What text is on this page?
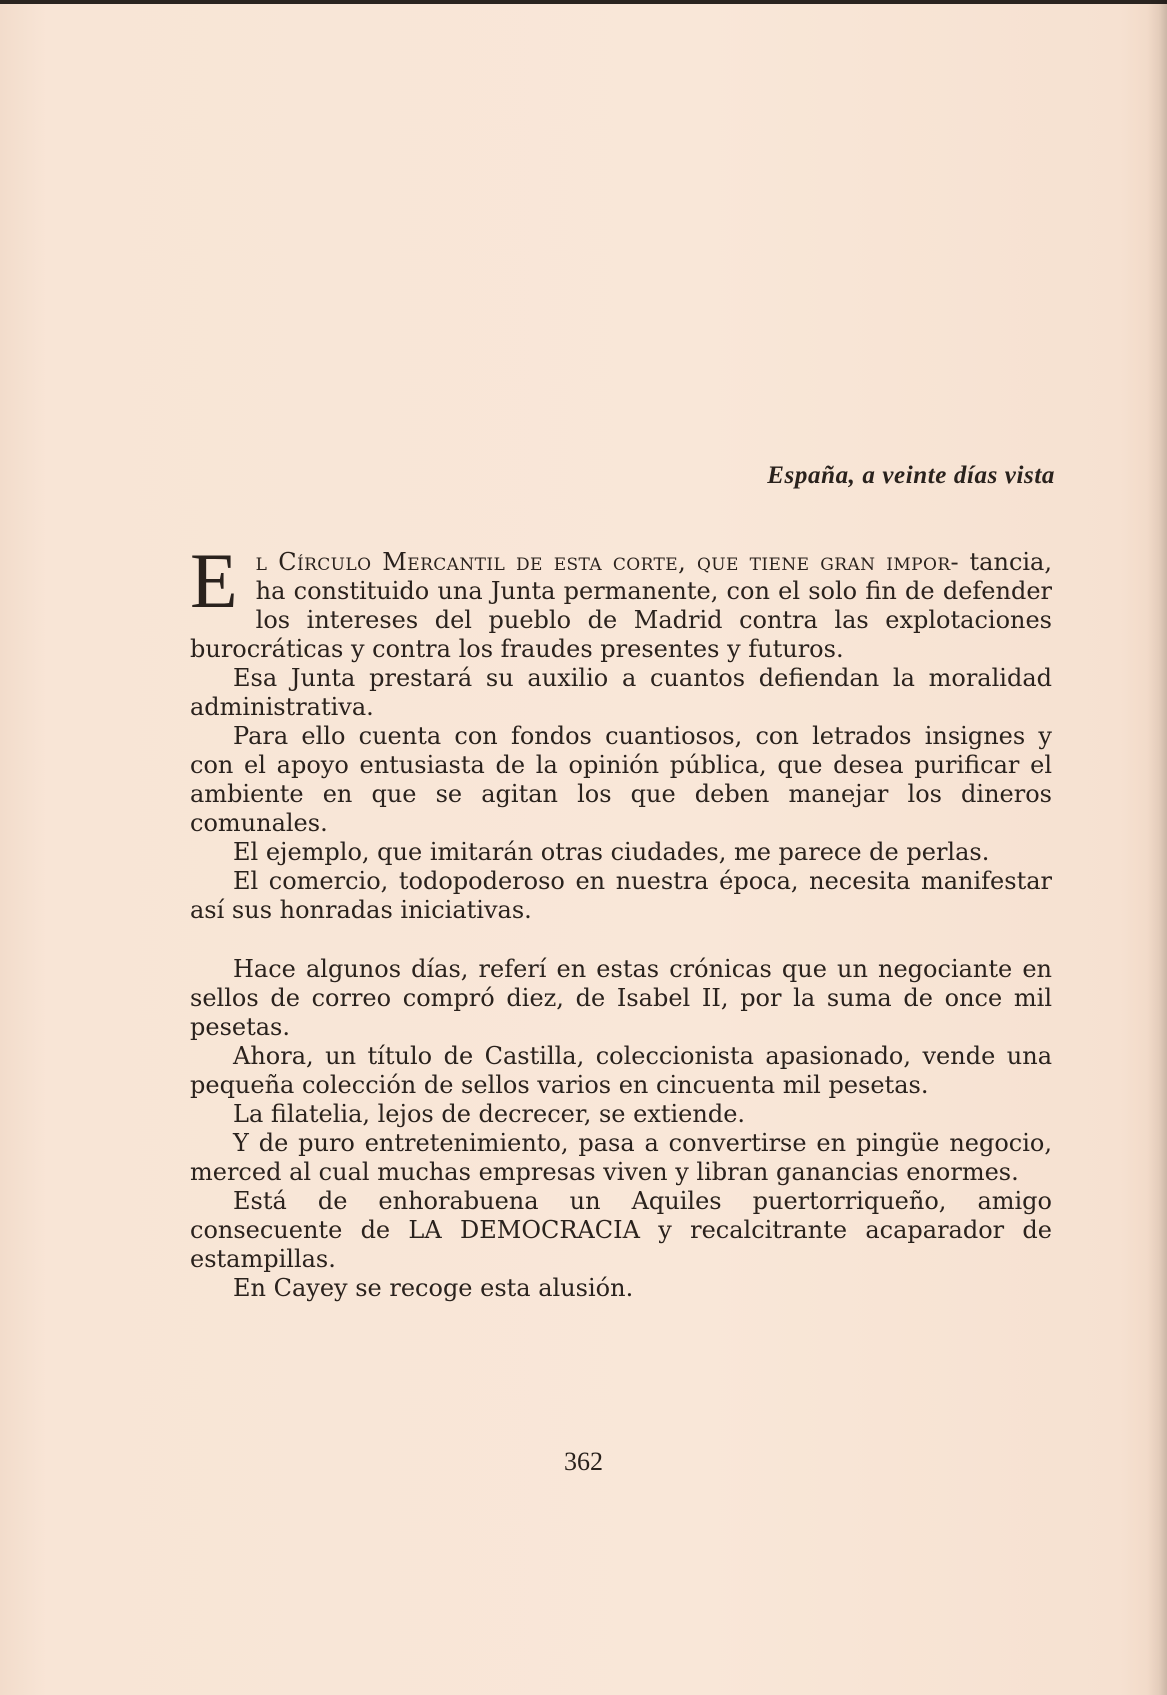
España, a veinte días vista

E l Círculo Mercantil de esta corte, que tiene gran impor- tancia, ha constituido una Junta permanente, con el solo fin de defender los intereses del pueblo de Madrid contra las explotaciones burocráticas y contra los fraudes presentes y futuros.

Esa Junta prestará su auxilio a cuantos defiendan la moralidad administrativa.

Para ello cuenta con fondos cuantiosos, con letrados insignes y con el apoyo entusiasta de la opinión pública, que desea purificar el ambiente en que se agitan los que deben manejar los dineros comunales.

El ejemplo, que imitarán otras ciudades, me parece de perlas.

El comercio, todopoderoso en nuestra época, necesita manifestar así sus honradas iniciativas.

Hace algunos días, referí en estas crónicas que un negociante en sellos de correo compró diez, de Isabel II, por la suma de once mil pesetas.

Ahora, un título de Castilla, coleccionista apasionado, vende una pequeña colección de sellos varios en cincuenta mil pesetas.

La filatelia, lejos de decrecer, se extiende.

Y de puro entretenimiento, pasa a convertirse en pingüe negocio, merced al cual muchas empresas viven y libran ganancias enormes.

Está de enhorabuena un Aquiles puertorriqueño, amigo consecuente de LA DEMOCRACIA y recalcitrante acaparador de estampillas.

En Cayey se recoge esta alusión.

362
